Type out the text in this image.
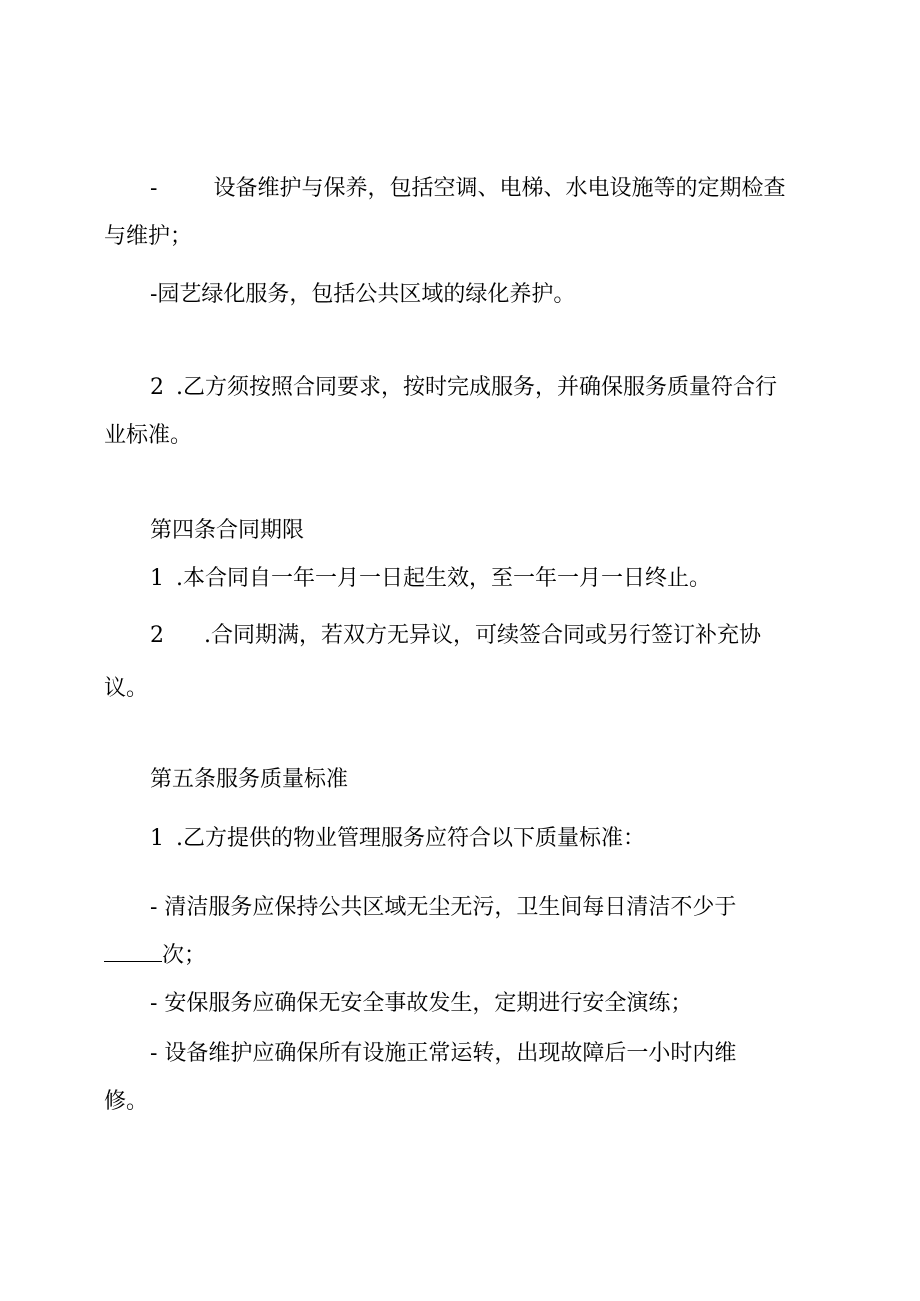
-	设备维护与保养，包括空调、电梯、水电设施等的定期检查
与维护；
-园艺绿化服务，包括公共区域的绿化养护。
2 .乙方须按照合同要求，按时完成服务，并确保服务质量符合行
业标准。
第四条合同期限
1 .本合同自一年一月一日起生效，至一年一月一日终止。
2 .合同期满，若双方无异议，可续签合同或另行签订补充协
议。
第五条服务质量标准
1 .乙方提供的物业管理服务应符合以下质量标准：
- 清洁服务应保持公共区域无尘无污，卫生间每日清洁不少于
次；
- 安保服务应确保无安全事故发生，定期进行安全演练；
- 设备维护应确保所有设施正常运转，出现故障后一小时内维
修。
